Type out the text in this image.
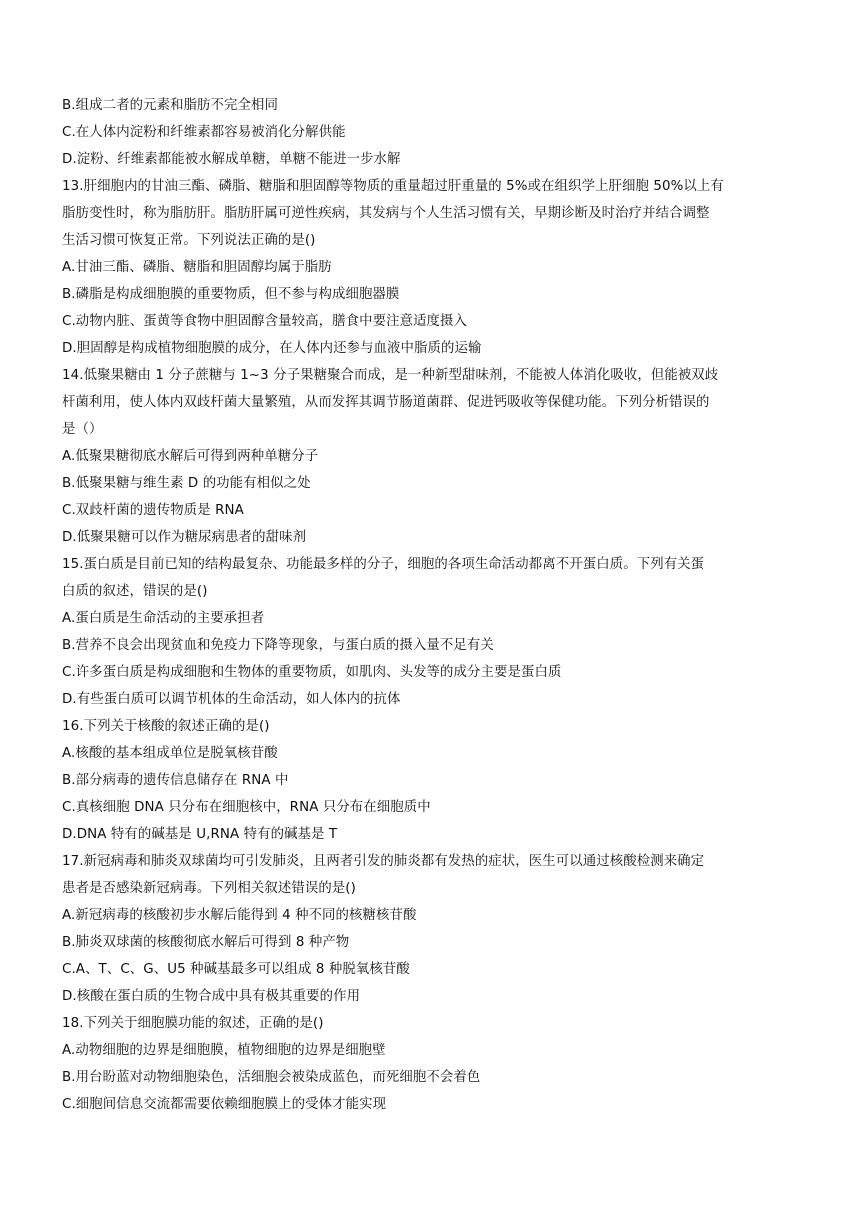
B.组成二者的元素和脂肪不完全相同
C.在人体内淀粉和纤维素都容易被消化分解供能
D.淀粉、纤维素都能被水解成单糖，单糖不能进一步水解
13.肝细胞内的甘油三酯、磷脂、糖脂和胆固醇等物质的重量超过肝重量的 5%或在组织学上肝细胞 50%以上有
脂肪变性时，称为脂肪肝。脂肪肝属可逆性疾病，其发病与个人生活习惯有关，早期诊断及时治疗并结合调整
生活习惯可恢复正常。下列说法正确的是()
A.甘油三酯、磷脂、糖脂和胆固醇均属于脂肪
B.磷脂是构成细胞膜的重要物质，但不参与构成细胞器膜
C.动物内脏、蛋黄等食物中胆固醇含量较高，膳食中要注意适度摄入
D.胆固醇是构成植物细胞膜的成分，在人体内还参与血液中脂质的运输
14.低聚果糖由 1 分子蔗糖与 1~3 分子果糖聚合而成，是一种新型甜味剂，不能被人体消化吸收，但能被双歧
杆菌利用，使人体内双歧杆菌大量繁殖，从而发挥其调节肠道菌群、促进钙吸收等保健功能。下列分析错误的
是（）
A.低聚果糖彻底水解后可得到两种单糖分子
B.低聚果糖与维生素 D 的功能有相似之处
C.双歧杆菌的遗传物质是 RNA
D.低聚果糖可以作为糖尿病患者的甜味剂
15.蛋白质是目前已知的结构最复杂、功能最多样的分子，细胞的各项生命活动都离不开蛋白质。下列有关蛋
白质的叙述，错误的是()
A.蛋白质是生命活动的主要承担者
B.营养不良会出现贫血和免疫力下降等现象，与蛋白质的摄入量不足有关
C.许多蛋白质是构成细胞和生物体的重要物质，如肌肉、头发等的成分主要是蛋白质
D.有些蛋白质可以调节机体的生命活动，如人体内的抗体
16.下列关于核酸的叙述正确的是()
A.核酸的基本组成单位是脱氧核苷酸
B.部分病毒的遗传信息储存在 RNA 中
C.真核细胞 DNA 只分布在细胞核中，RNA 只分布在细胞质中
D.DNA 特有的碱基是 U,RNA 特有的碱基是 T
17.新冠病毒和肺炎双球菌均可引发肺炎，且两者引发的肺炎都有发热的症状，医生可以通过核酸检测来确定
患者是否感染新冠病毒。下列相关叙述错误的是()
A.新冠病毒的核酸初步水解后能得到 4 种不同的核糖核苷酸
B.肺炎双球菌的核酸彻底水解后可得到 8 种产物
C.A、T、C、G、U5 种碱基最多可以组成 8 种脱氧核苷酸
D.核酸在蛋白质的生物合成中具有极其重要的作用
18.下列关于细胞膜功能的叙述，正确的是()
A.动物细胞的边界是细胞膜，植物细胞的边界是细胞壁
B.用台盼蓝对动物细胞染色，活细胞会被染成蓝色，而死细胞不会着色
C.细胞间信息交流都需要依赖细胞膜上的受体才能实现
